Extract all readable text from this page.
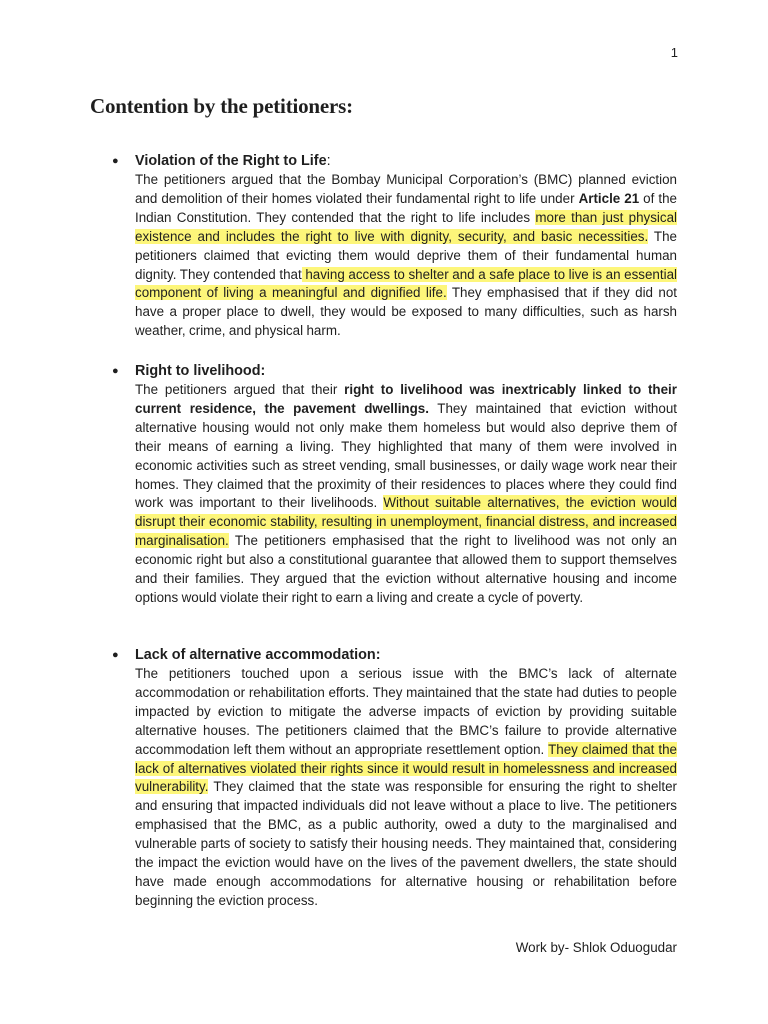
1
Contention by the petitioners:
● Violation of the Right to Life:

The petitioners argued that the Bombay Municipal Corporation’s (BMC) planned eviction and demolition of their homes violated their fundamental right to life under Article 21 of the Indian Constitution. They contended that the right to life includes more than just physical existence and includes the right to live with dignity, security, and basic necessities. The petitioners claimed that evicting them would deprive them of their fundamental human dignity. They contended that having access to shelter and a safe place to live is an essential component of living a meaningful and dignified life. They emphasised that if they did not have a proper place to dwell, they would be exposed to many difficulties, such as harsh weather, crime, and physical harm.

● Right to livelihood:

The petitioners argued that their right to livelihood was inextricably linked to their current residence, the pavement dwellings. They maintained that eviction without alternative housing would not only make them homeless but would also deprive them of their means of earning a living. They highlighted that many of them were involved in economic activities such as street vending, small businesses, or daily wage work near their homes. They claimed that the proximity of their residences to places where they could find work was important to their livelihoods. Without suitable alternatives, the eviction would disrupt their economic stability, resulting in unemployment, financial distress, and increased marginalisation. The petitioners emphasised that the right to livelihood was not only an economic right but also a constitutional guarantee that allowed them to support themselves and their families. They argued that the eviction without alternative housing and income options would violate their right to earn a living and create a cycle of poverty.

● Lack of alternative accommodation:

The petitioners touched upon a serious issue with the BMC’s lack of alternate accommodation or rehabilitation efforts. They maintained that the state had duties to people impacted by eviction to mitigate the adverse impacts of eviction by providing suitable alternative houses. The petitioners claimed that the BMC’s failure to provide alternative accommodation left them without an appropriate resettlement option. They claimed that the lack of alternatives violated their rights since it would result in homelessness and increased vulnerability. They claimed that the state was responsible for ensuring the right to shelter and ensuring that impacted individuals did not leave without a place to live. The petitioners emphasised that the BMC, as a public authority, owed a duty to the marginalised and vulnerable parts of society to satisfy their housing needs. They maintained that, considering the impact the eviction would have on the lives of the pavement dwellers, the state should have made enough accommodations for alternative housing or rehabilitation before beginning the eviction process.

Work by- Shlok Oduogudar
